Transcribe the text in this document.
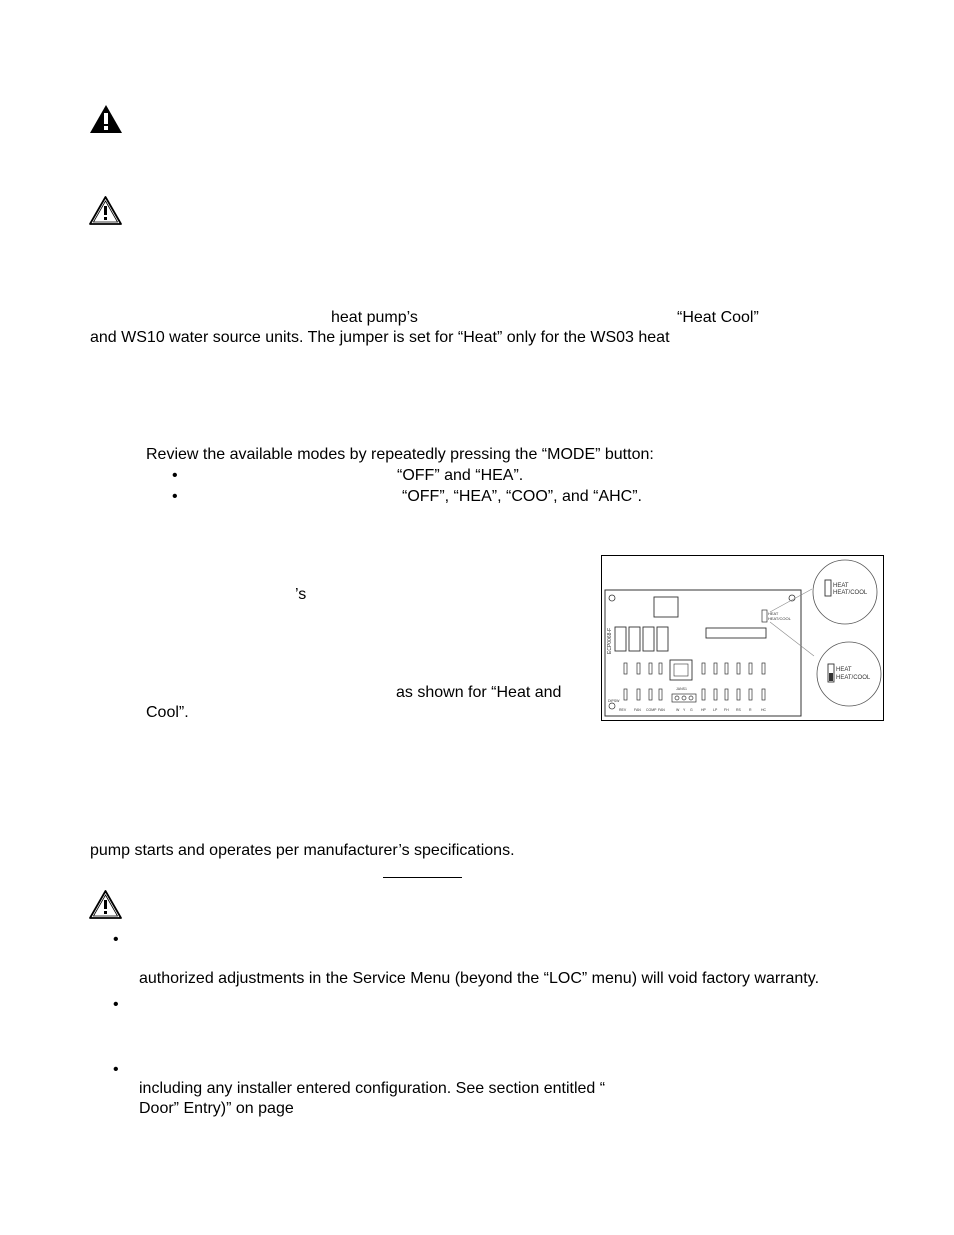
heat pump’s	“Heat Cool”
and WS10 water source units. The jumper is set for “Heat” only for the WS03 heat
Review the available modes by repeatedly pressing the “MODE” button:
•	“OFF” and “HEA”.
•	“OFF”, “HEA”, “COO”, and “AHC”.
’s
as shown for “Heat and
Cool”.
pump starts and operates per manufacturer’s specifications.
•
authorized adjustments in the Service Menu (beyond the “LOC” menu) will void factory warranty.
•
•
including any installer entered configuration. See section entitled “
Door” Entry)” on page
ECP0068-F
HEAT
HEAT/COOL
HEAT
HEAT/COOL
HEAT
HEAT/COOL
JANS1
DIPSW
REV FAN COMP FAN	W Y G HP LP FH RS R	HC
